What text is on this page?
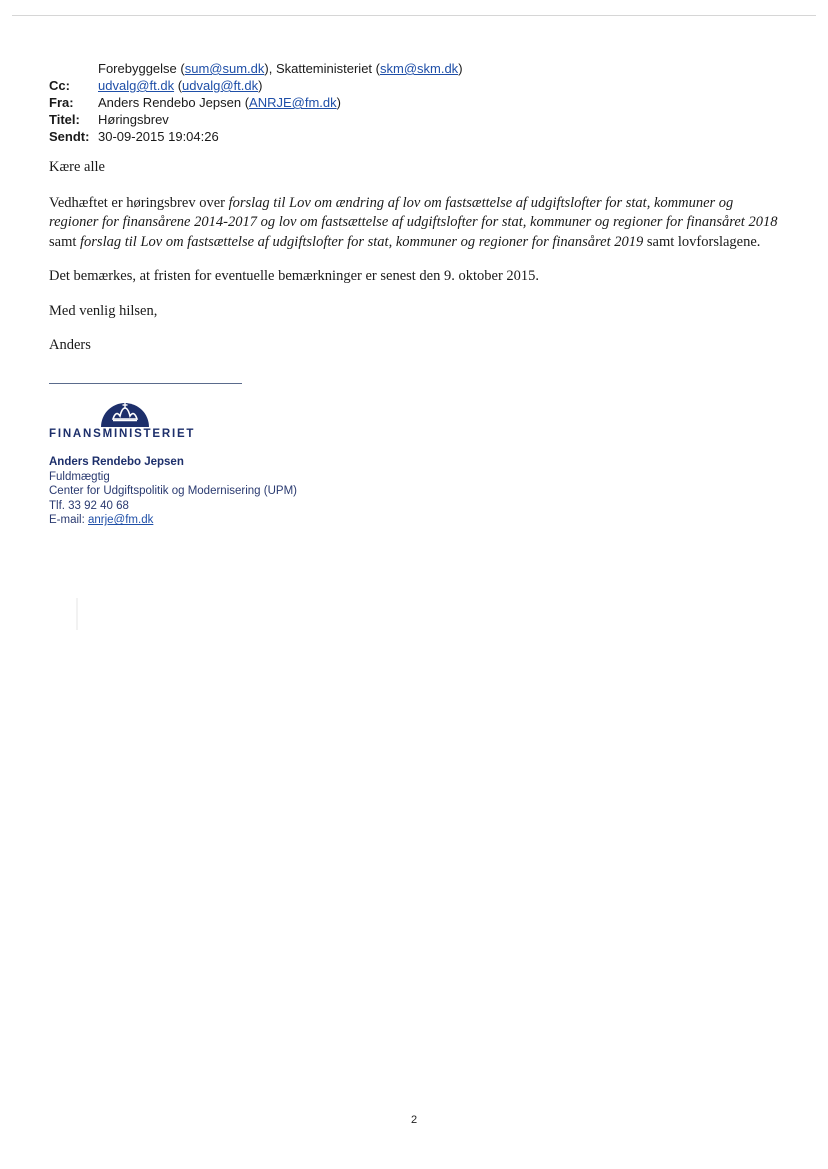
Forebyggelse (sum@sum.dk), Skatteministeriet (skm@skm.dk)
Cc:	udvalg@ft.dk (udvalg@ft.dk)
Fra:	Anders Rendebo Jepsen (ANRJE@fm.dk)
Titel:	Høringsbrev
Sendt: 30-09-2015 19:04:26

Kære alle

Vedhæftet er høringsbrev over forslag til Lov om ændring af lov om fastsættelse af udgiftslofter for stat, kommuner og regioner for finansårene 2014-2017 og lov om fastsættelse af udgiftslofter for stat, kommuner og regioner for finansåret 2018 samt forslag til Lov om fastsættelse af udgiftslofter for stat, kommuner og regioner for finansåret 2019 samt lovforslagene.

Det bemærkes, at fristen for eventuelle bemærkninger er senest den 9. oktober 2015.

Med venlig hilsen,

Anders

FINANSMINISTERIET
Anders Rendebo Jepsen
Fuldmægtig
Center for Udgiftspolitik og Modernisering (UPM)
Tlf. 33 92 40 68
E-mail: anrje@fm.dk
2
